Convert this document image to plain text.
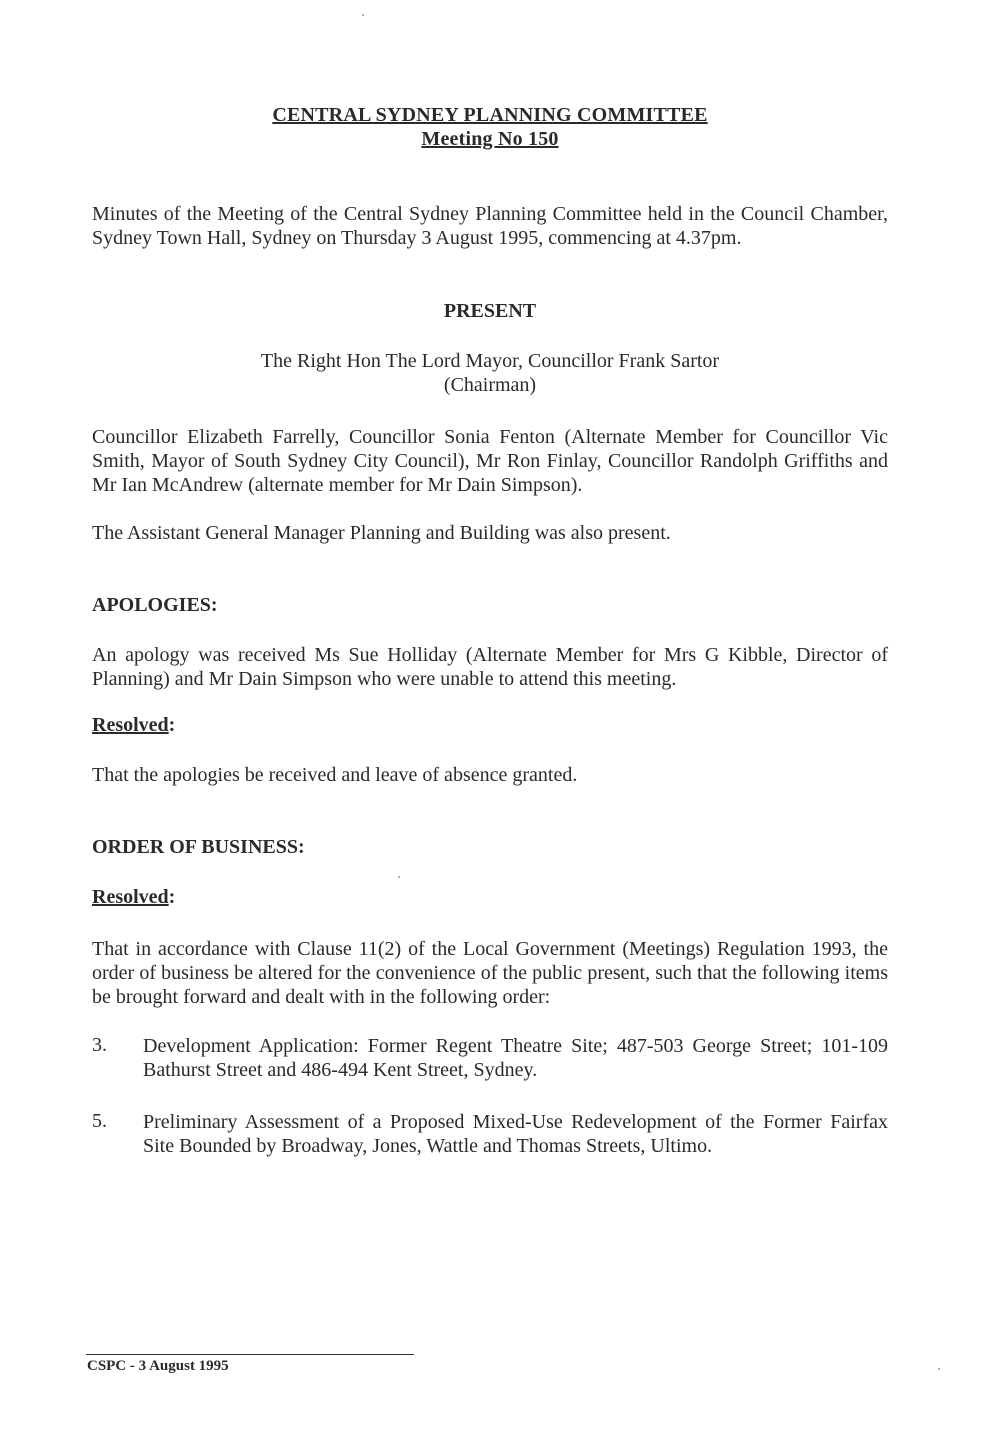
CENTRAL SYDNEY PLANNING COMMITTEE
Meeting No 150
Minutes of the Meeting of the Central Sydney Planning Committee held in the Council Chamber, Sydney Town Hall, Sydney on Thursday 3 August 1995, commencing at 4.37pm.
PRESENT
The Right Hon The Lord Mayor, Councillor Frank Sartor
(Chairman)
Councillor Elizabeth Farrelly, Councillor Sonia Fenton (Alternate Member for Councillor Vic Smith, Mayor of South Sydney City Council), Mr Ron Finlay, Councillor Randolph Griffiths and Mr Ian McAndrew (alternate member for Mr Dain Simpson).
The Assistant General Manager Planning and Building was also present.
APOLOGIES:
An apology was received Ms Sue Holliday (Alternate Member for Mrs G Kibble, Director of Planning) and Mr Dain Simpson who were unable to attend this meeting.
Resolved:
That the apologies be received and leave of absence granted.
ORDER OF BUSINESS:
Resolved:
That in accordance with Clause 11(2) of the Local Government (Meetings) Regulation 1993, the order of business be altered for the convenience of the public present, such that the following items be brought forward and dealt with in the following order:
3. Development Application: Former Regent Theatre Site; 487-503 George Street; 101-109 Bathurst Street and 486-494 Kent Street, Sydney.
5. Preliminary Assessment of a Proposed Mixed-Use Redevelopment of the Former Fairfax Site Bounded by Broadway, Jones, Wattle and Thomas Streets, Ultimo.
CSPC - 3 August 1995
